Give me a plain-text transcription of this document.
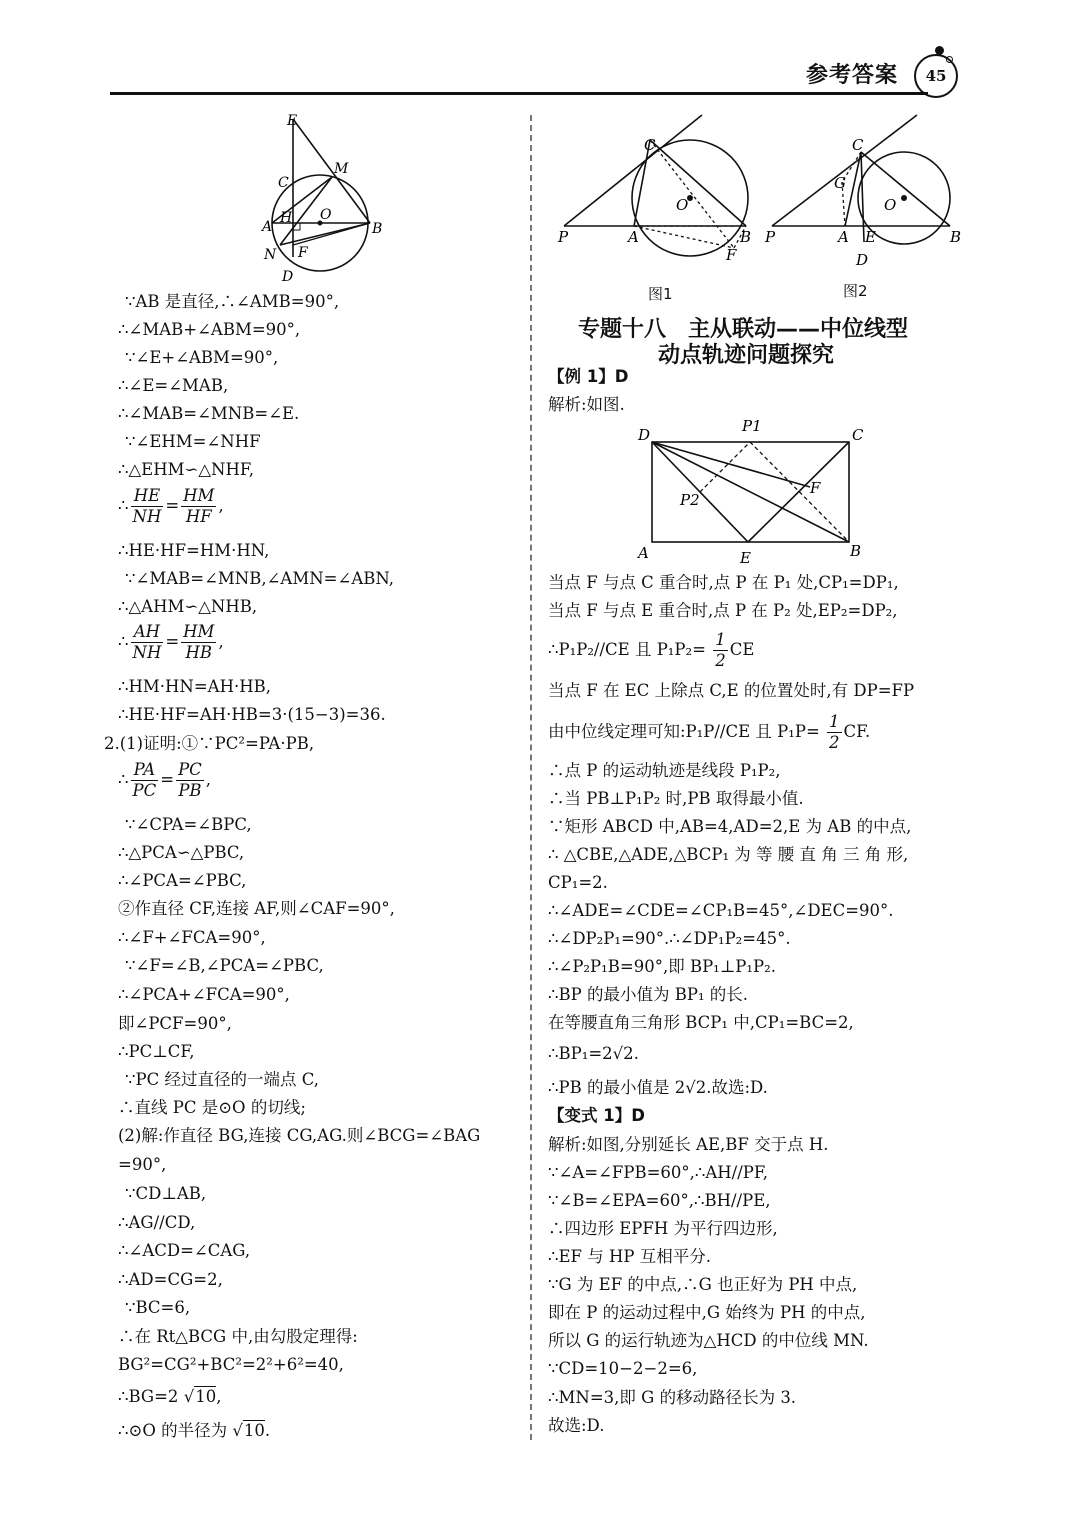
参考答案	45
E
M
C
H O
A	B
N F
D
C
O
P	A	B
F
C
G
O
P	A E	B
D
图1	图2
专题十八　主从联动——中位线型
动点轨迹问题探究
D	P1	C
P2
F
A	E	B
∵AB 是直径,∴∠AMB=90°,
∴∠MAB+∠ABM=90°,
∵∠E+∠ABM=90°,
∴∠E=∠MAB,
∴∠MAB=∠MNB=∠E.
∵∠EHM=∠NHF
∴△EHM∽△NHF,
∴ $\frac{HE}{NH} = \frac{HM}{HF}$ ,
∴HE·HF=HM·HN,
∵∠MAB=∠MNB,∠AMN=∠ABN,
∴△AHM∽△NHB,
∴ $\frac{AH}{NH} = \frac{HM}{HB}$ ,
∴HM·HN=AH·HB,
∴HE·HF=AH·HB=3·(15−3)=36.
2.(1)证明:①∵PC²=PA·PB,
∴ $\frac{PA}{PC} = \frac{PC}{PB}$ ,
∵∠CPA=∠BPC,
∴△PCA∽△PBC,
∴∠PCA=∠PBC,
②作直径 CF,连接 AF,则∠CAF=90°,
∴∠F+∠FCA=90°,
∵∠F=∠B,∠PCA=∠PBC,
∴∠PCA+∠FCA=90°,
即∠PCF=90°,
∴PC⊥CF,
∵PC 经过直径的一端点 C,
∴直线 PC 是⊙O 的切线;
(2)解:作直径 BG,连接 CG,AG.则∠BCG=∠BAG
=90°,
∵CD⊥AB,
∴AG//CD,
∴∠ACD=∠CAG,
∴AD=CG=2,
∵BC=6,
∴在 Rt△BCG 中,由勾股定理得:
BG²=CG²+BC²=2²+6²=40,
∴BG=2 √10,
∴⊙O 的半径为 √10.
【例 1】D
解析:如图.
当点 F 与点 C 重合时,点 P 在 P₁ 处,CP₁=DP₁,
当点 F 与点 E 重合时,点 P 在 P₂ 处,EP₂=DP₂,
∴P₁P₂//CE 且 $P_1P_2= \frac{1}{2}$ CE
当点 F 在 EC 上除点 C,E 的位置处时,有 DP=FP
由中位线定理可知:P₁P//CE 且 $P_1P= \frac{1}{2}$ CF.
∴点 P 的运动轨迹是线段 P₁P₂,
∴当 PB⊥P₁P₂ 时,PB 取得最小值.
∵矩形 ABCD 中,AB=4,AD=2,E 为 AB 的中点,
∴ △CBE,△ADE,△BCP₁ 为 等 腰 直 角 三 角 形,
CP₁=2.
∴∠ADE=∠CDE=∠CP₁B=45°,∠DEC=90°.
∴∠DP₂P₁=90°.∴∠DP₁P₂=45°.
∴∠P₂P₁B=90°,即 BP₁⊥P₁P₂.
∴BP 的最小值为 BP₁ 的长.
在等腰直角三角形 BCP₁ 中,CP₁=BC=2,
∴BP₁=2√2.
∴PB 的最小值是 2√2.故选:D.
【变式 1】D
解析:如图,分别延长 AE,BF 交于点 H.
∵∠A=∠FPB=60°,∴AH//PF,
∵∠B=∠EPA=60°,∴BH//PE,
∴四边形 EPFH 为平行四边形,
∴EF 与 HP 互相平分.
∵G 为 EF 的中点,∴G 也正好为 PH 中点,
即在 P 的运动过程中,G 始终为 PH 的中点,
所以 G 的运行轨迹为△HCD 的中位线 MN.
∵CD=10−2−2=6,
∴MN=3,即 G 的移动路径长为 3.
故选:D.
